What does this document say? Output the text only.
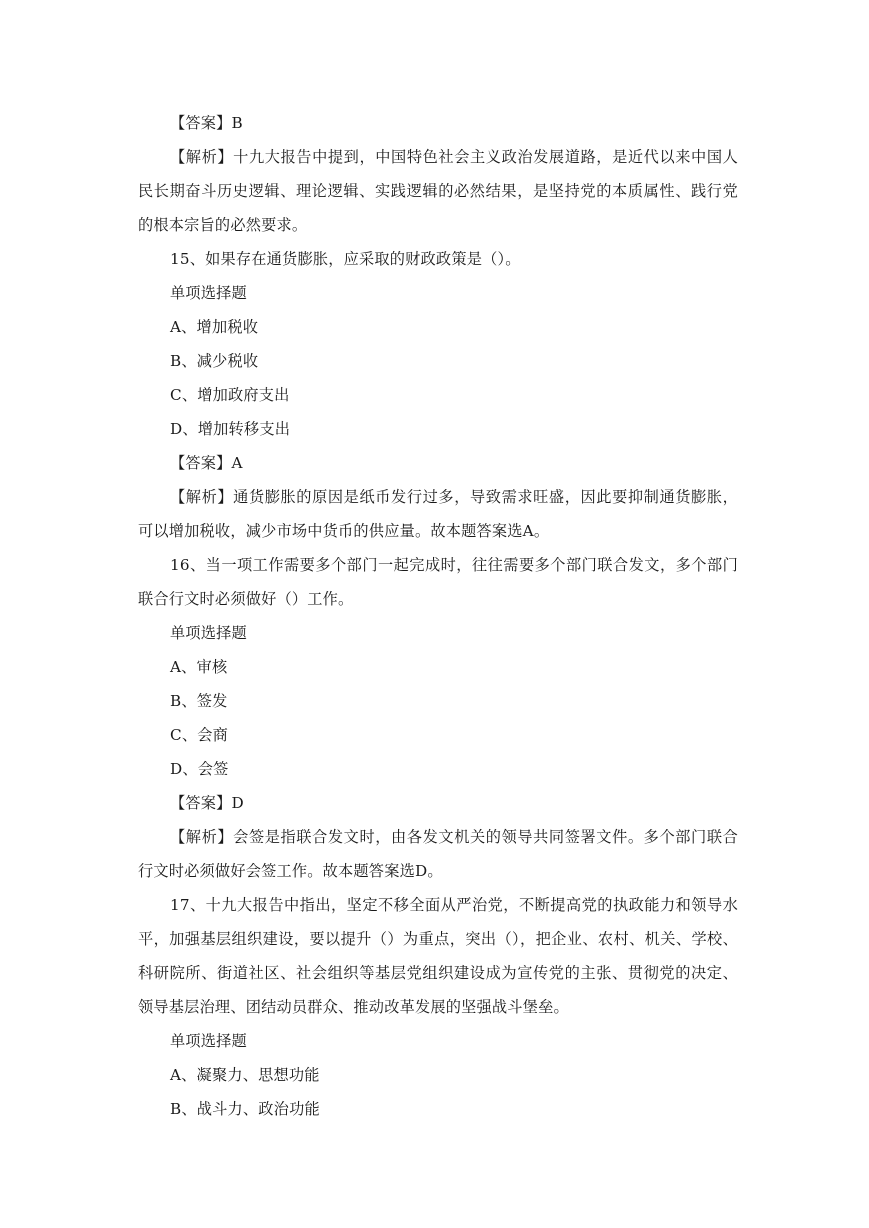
【答案】B
【解析】十九大报告中提到，中国特色社会主义政治发展道路，是近代以来中国人民长期奋斗历史逻辑、理论逻辑、实践逻辑的必然结果，是坚持党的本质属性、践行党的根本宗旨的必然要求。
15、如果存在通货膨胀，应采取的财政政策是（）。
单项选择题
A、增加税收
B、减少税收
C、增加政府支出
D、增加转移支出
【答案】A
【解析】通货膨胀的原因是纸币发行过多，导致需求旺盛，因此要抑制通货膨胀，可以增加税收，减少市场中货币的供应量。故本题答案选A。
16、当一项工作需要多个部门一起完成时，往往需要多个部门联合发文，多个部门联合行文时必须做好（）工作。
单项选择题
A、审核
B、签发
C、会商
D、会签
【答案】D
【解析】会签是指联合发文时，由各发文机关的领导共同签署文件。多个部门联合行文时必须做好会签工作。故本题答案选D。
17、十九大报告中指出，坚定不移全面从严治党，不断提高党的执政能力和领导水平，加强基层组织建设，要以提升（）为重点，突出（），把企业、农村、机关、学校、科研院所、街道社区、社会组织等基层党组织建设成为宣传党的主张、贯彻党的决定、领导基层治理、团结动员群众、推动改革发展的坚强战斗堡垒。
单项选择题
A、凝聚力、思想功能
B、战斗力、政治功能
